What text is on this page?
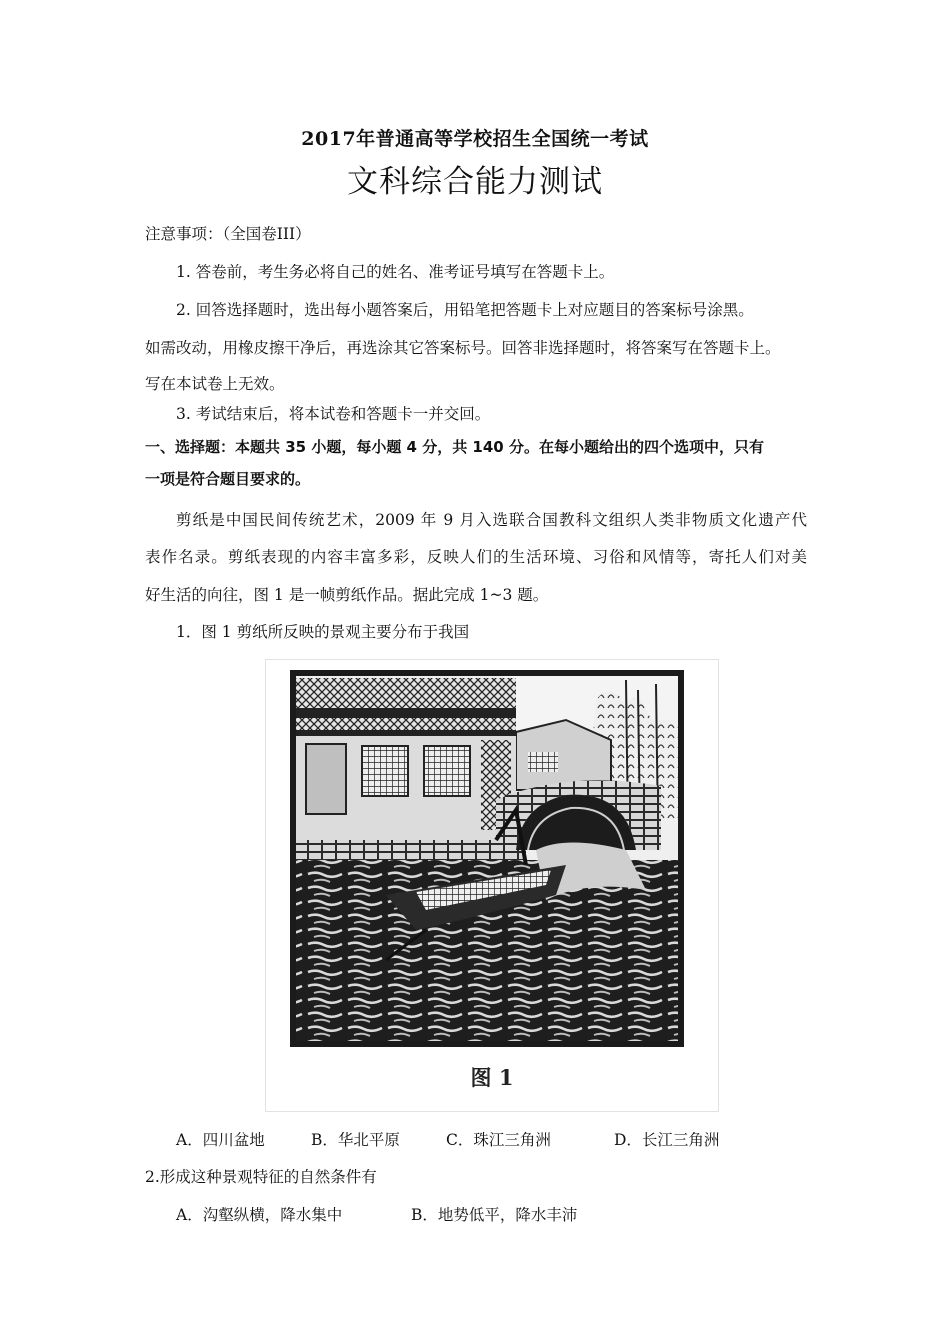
2017年普通高等学校招生全国统一考试
文科综合能力测试
注意事项：（全国卷III）
1. 答卷前，考生务必将自己的姓名、准考证号填写在答题卡上。
2. 回答选择题时，选出每小题答案后，用铅笔把答题卡上对应题目的答案标号涂黑。
如需改动，用橡皮擦干净后，再选涂其它答案标号。回答非选择题时，将答案写在答题卡上。
写在本试卷上无效。
3. 考试结束后，将本试卷和答题卡一并交回。
一、选择题：本题共 35 小题，每小题 4 分，共 140 分。在每小题给出的四个选项中，只有
一项是符合题目要求的。
剪纸是中国民间传统艺术，2009 年 9 月入选联合国教科文组织人类非物质文化遗产代
表作名录。剪纸表现的内容丰富多彩，反映人们的生活环境、习俗和风情等，寄托人们对美
好生活的向往，图 1 是一帧剪纸作品。据此完成 1~3 题。
1．图 1 剪纸所反映的景观主要分布于我国
图 1
A．四川盆地	B．华北平原	C．珠江三角洲	D．长江三角洲
2.形成这种景观特征的自然条件有
A．沟壑纵横，降水集中	B．地势低平，降水丰沛
